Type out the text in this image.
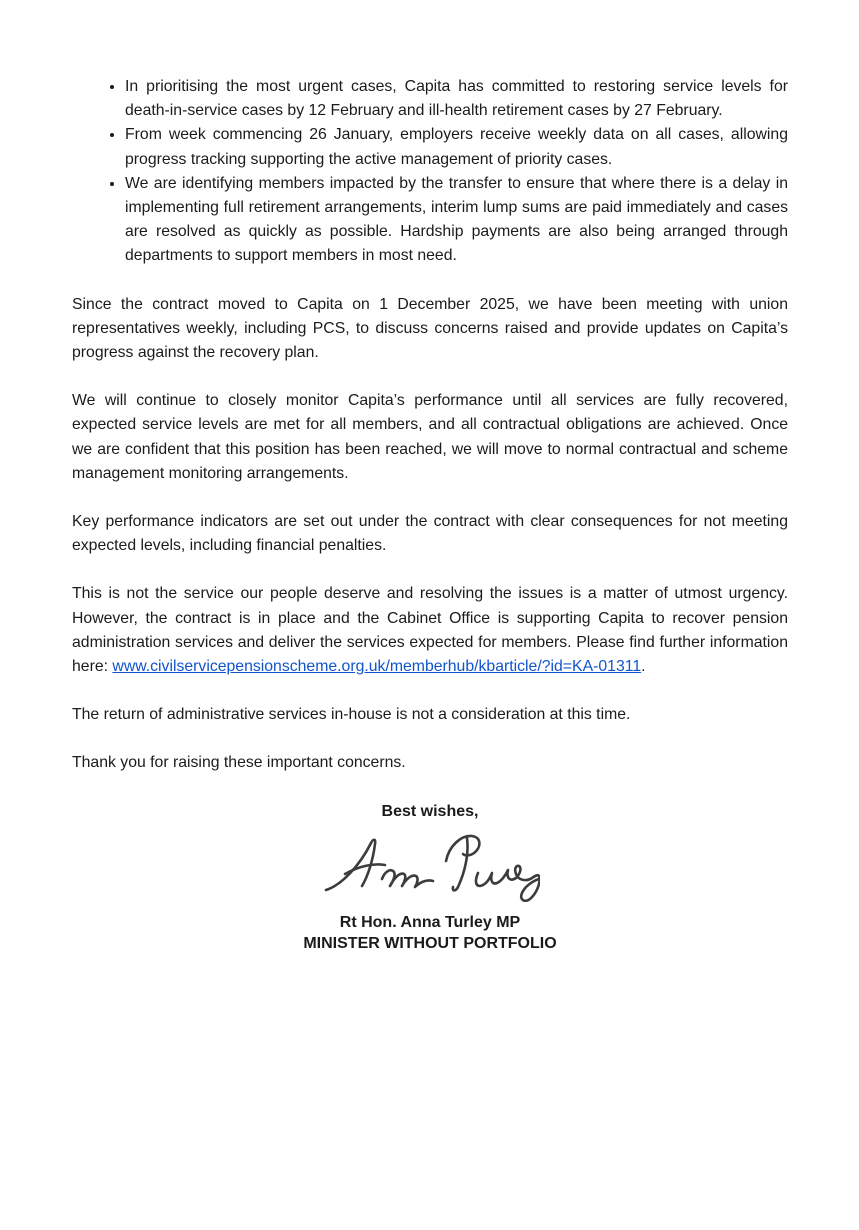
• In prioritising the most urgent cases, Capita has committed to restoring service levels for death-in-service cases by 12 February and ill-health retirement cases by 27 February.
• From week commencing 26 January, employers receive weekly data on all cases, allowing progress tracking supporting the active management of priority cases.
• We are identifying members impacted by the transfer to ensure that where there is a delay in implementing full retirement arrangements, interim lump sums are paid immediately and cases are resolved as quickly as possible. Hardship payments are also being arranged through departments to support members in most need.

Since the contract moved to Capita on 1 December 2025, we have been meeting with union representatives weekly, including PCS, to discuss concerns raised and provide updates on Capita’s progress against the recovery plan.

We will continue to closely monitor Capita’s performance until all services are fully recovered, expected service levels are met for all members, and all contractual obligations are achieved. Once we are confident that this position has been reached, we will move to normal contractual and scheme management monitoring arrangements.

Key performance indicators are set out under the contract with clear consequences for not meeting expected levels, including financial penalties.

This is not the service our people deserve and resolving the issues is a matter of utmost urgency. However, the contract is in place and the Cabinet Office is supporting Capita to recover pension administration services and deliver the services expected for members. Please find further information here: www.civilservicepensionscheme.org.uk/memberhub/kbarticle/?id=KA-01311.

The return of administrative services in-house is not a consideration at this time.

Thank you for raising these important concerns.

Best wishes,
Rt Hon. Anna Turley MP
MINISTER WITHOUT PORTFOLIO
